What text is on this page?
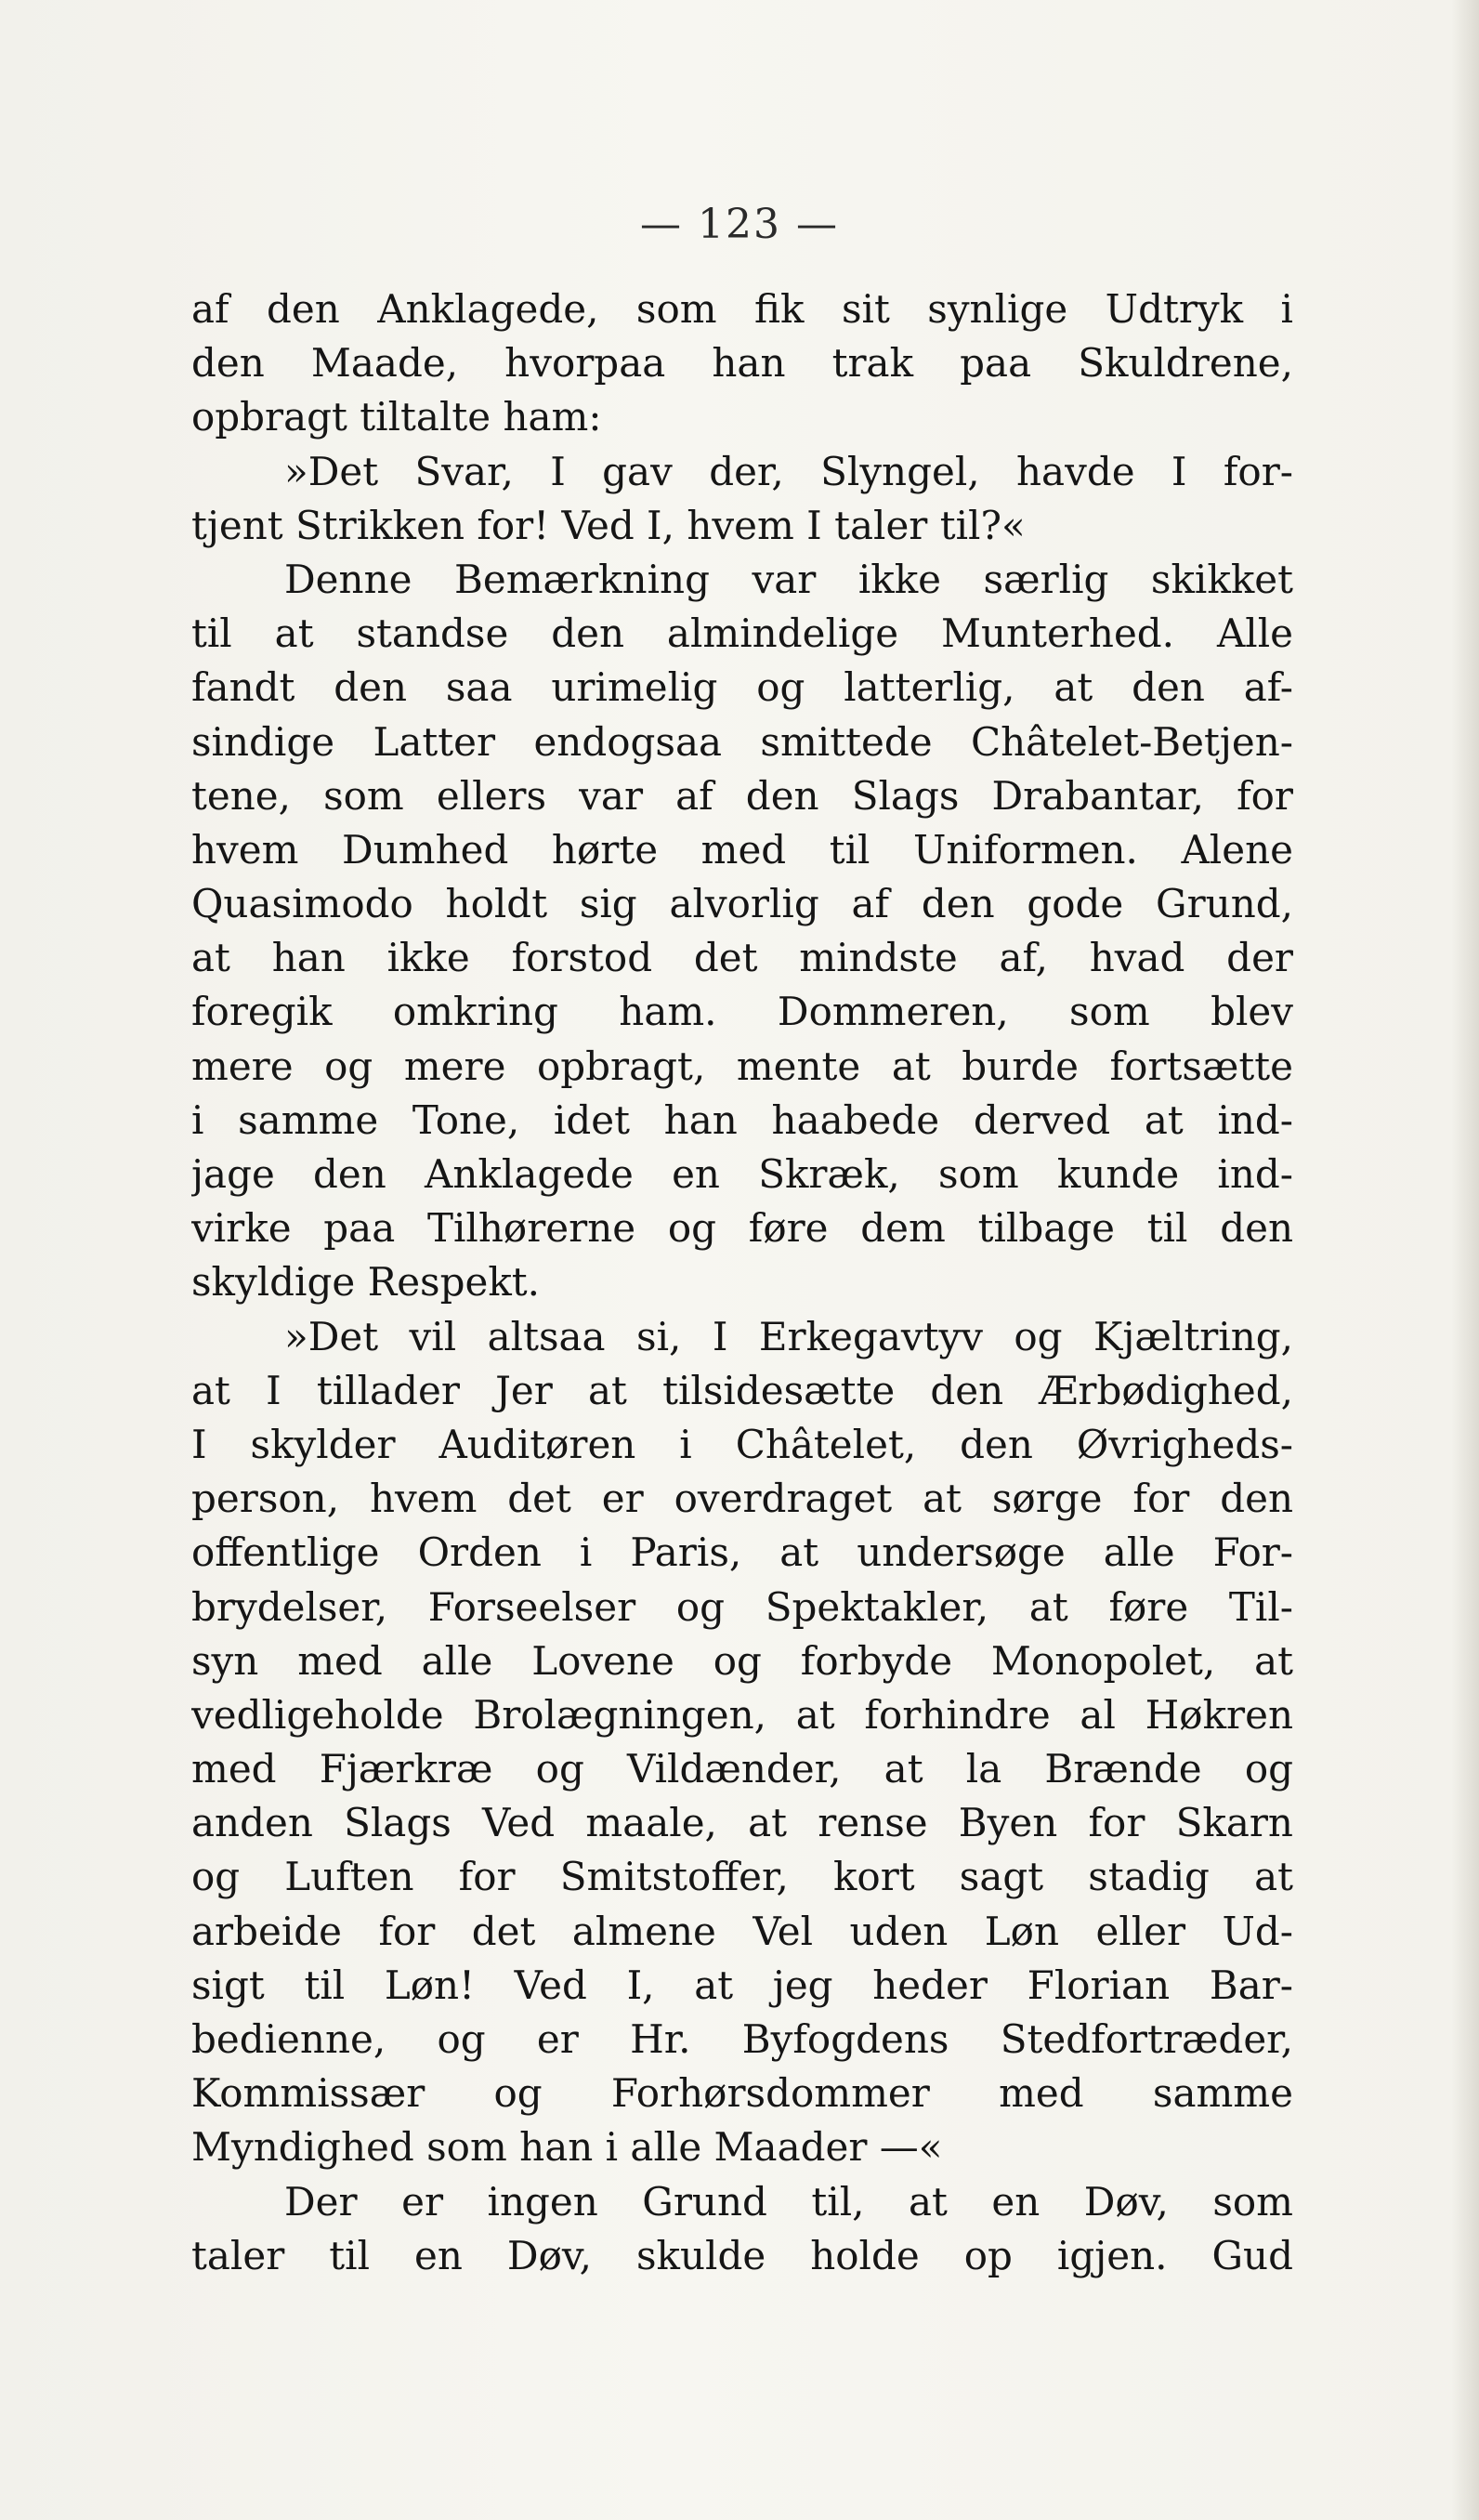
— 123 —
af den Anklagede, som fik sit synlige Udtryk i
den Maade, hvorpaa han trak paa Skuldrene,
opbragt tiltalte ham:
»Det Svar, I gav der, Slyngel, havde I for-
tjent Strikken for! Ved I, hvem I taler til?«
Denne Bemærkning var ikke særlig skikket
til at standse den almindelige Munterhed. Alle
fandt den saa urimelig og latterlig, at den af-
sindige Latter endogsaa smittede Châtelet-Betjen-
tene, som ellers var af den Slags Drabantar, for
hvem Dumhed hørte med til Uniformen. Alene
Quasimodo holdt sig alvorlig af den gode Grund,
at han ikke forstod det mindste af, hvad der
foregik omkring ham. Dommeren, som blev
mere og mere opbragt, mente at burde fortsætte
i samme Tone, idet han haabede derved at ind-
jage den Anklagede en Skræk, som kunde ind-
virke paa Tilhørerne og føre dem tilbage til den
skyldige Respekt.
»Det vil altsaa si, I Erkegavtyv og Kjæltring,
at I tillader Jer at tilsidesætte den Ærbødighed,
I skylder Auditøren i Châtelet, den Øvrigheds-
person, hvem det er overdraget at sørge for den
offentlige Orden i Paris, at undersøge alle For-
brydelser, Forseelser og Spektakler, at føre Til-
syn med alle Lovene og forbyde Monopolet, at
vedligeholde Brolægningen, at forhindre al Høkren
med Fjærkræ og Vildænder, at la Brænde og
anden Slags Ved maale, at rense Byen for Skarn
og Luften for Smitstoffer, kort sagt stadig at
arbeide for det almene Vel uden Løn eller Ud-
sigt til Løn! Ved I, at jeg heder Florian Bar-
bedienne, og er Hr. Byfogdens Stedfortræder,
Kommissær og Forhørsdommer med samme
Myndighed som han i alle Maader —«
Der er ingen Grund til, at en Døv, som
taler til en Døv, skulde holde op igjen. Gud
